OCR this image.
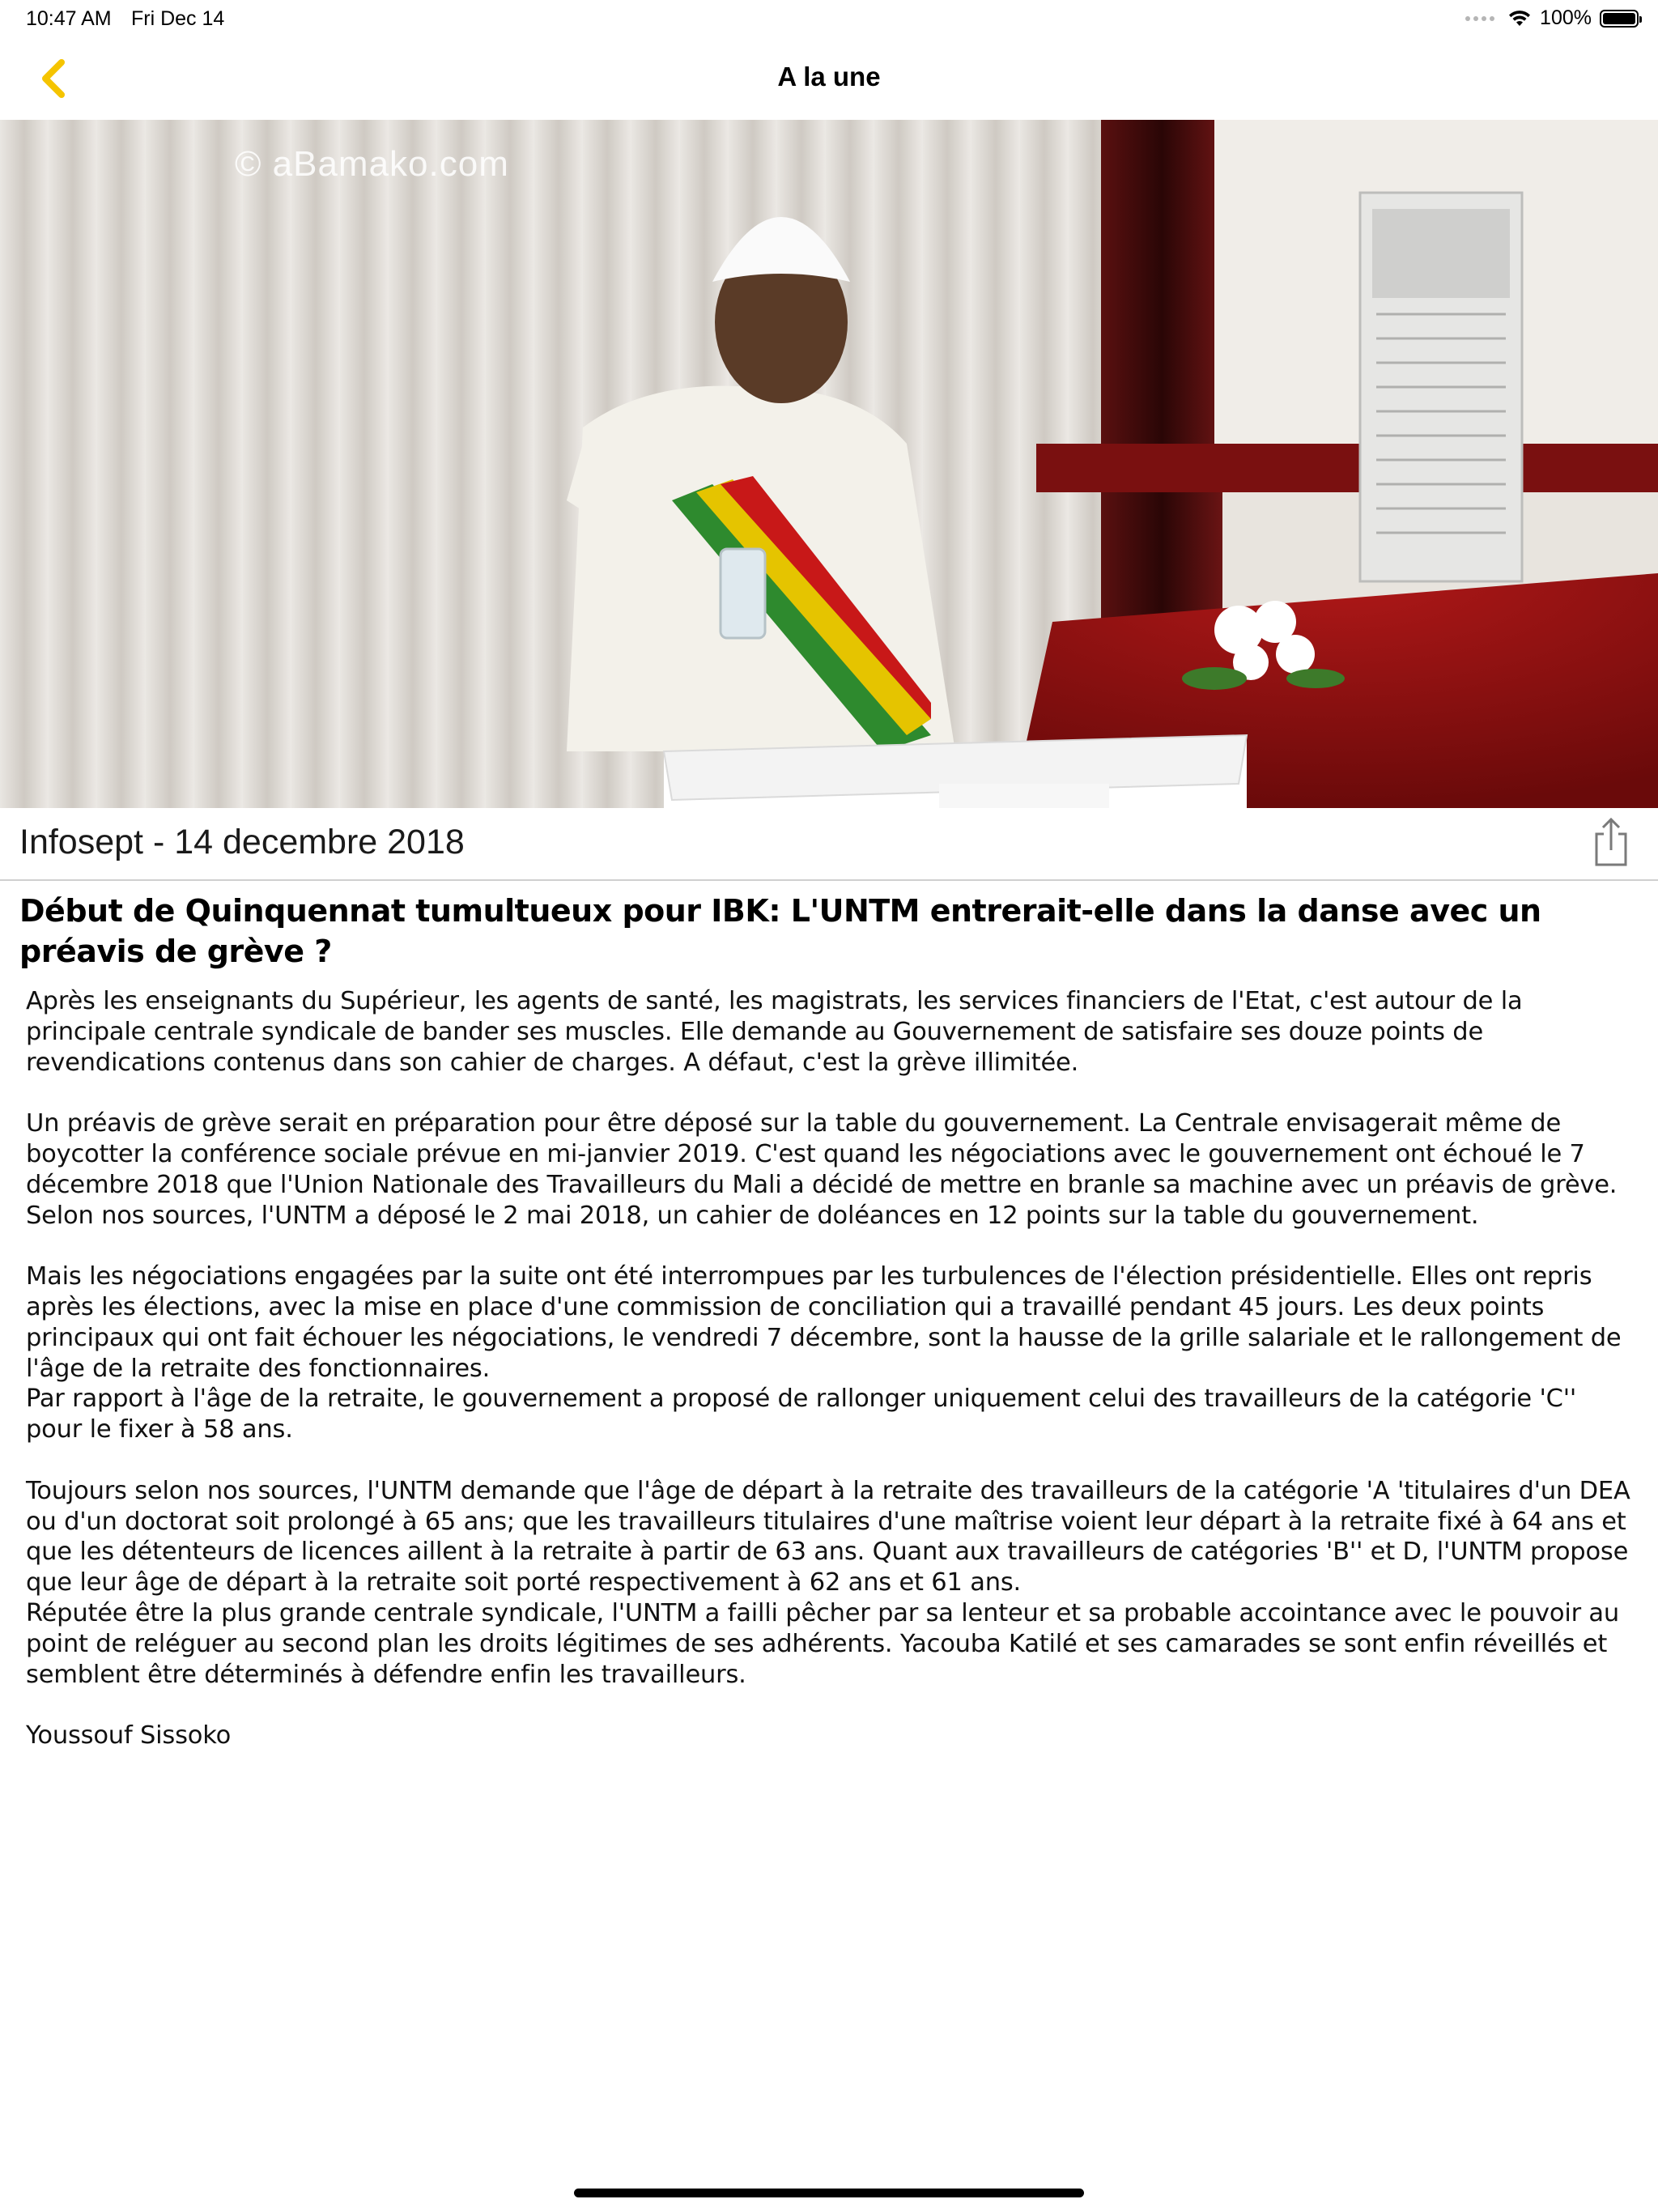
10:47 AM Fri Dec 14	100%
A la une
© aBamako.com
Infosept - 14 decembre 2018
Début de Quinquennat tumultueux pour IBK: L'UNTM entrerait-elle dans la danse avec un préavis de grève ?

Après les enseignants du Supérieur, les agents de santé, les magistrats, les services financiers de l'Etat, c'est autour de la principale centrale syndicale de bander ses muscles. Elle demande au Gouvernement de satisfaire ses douze points de revendications contenus dans son cahier de charges. A défaut, c'est la grève illimitée.

Un préavis de grève serait en préparation pour être déposé sur la table du gouvernement. La Centrale envisagerait même de boycotter la conférence sociale prévue en mi-janvier 2019. C'est quand les négociations avec le gouvernement ont échoué le 7 décembre 2018 que l'Union Nationale des Travailleurs du Mali a décidé de mettre en branle sa machine avec un préavis de grève. Selon nos sources, l'UNTM a déposé le 2 mai 2018, un cahier de doléances en 12 points sur la table du gouvernement.

Mais les négociations engagées par la suite ont été interrompues par les turbulences de l'élection présidentielle. Elles ont repris après les élections, avec la mise en place d'une commission de conciliation qui a travaillé pendant 45 jours. Les deux points principaux qui ont fait échouer les négociations, le vendredi 7 décembre, sont la hausse de la grille salariale et le rallongement de l'âge de la retraite des fonctionnaires.

Par rapport à l'âge de la retraite, le gouvernement a proposé de rallonger uniquement celui des travailleurs de la catégorie 'C'' pour le fixer à 58 ans.

Toujours selon nos sources, l'UNTM demande que l'âge de départ à la retraite des travailleurs de la catégorie 'A 'titulaires d'un DEA ou d'un doctorat soit prolongé à 65 ans; que les travailleurs titulaires d'une maîtrise voient leur départ à la retraite fixé à 64 ans et que les détenteurs de licences aillent à la retraite à partir de 63 ans. Quant aux travailleurs de catégories 'B'' et D, l'UNTM propose que leur âge de départ à la retraite soit porté respectivement à 62 ans et 61 ans.

Réputée être la plus grande centrale syndicale, l'UNTM a failli pêcher par sa lenteur et sa probable accointance avec le pouvoir au point de reléguer au second plan les droits légitimes de ses adhérents. Yacouba Katilé et ses camarades se sont enfin réveillés et semblent être déterminés à défendre enfin les travailleurs.

Youssouf Sissoko
